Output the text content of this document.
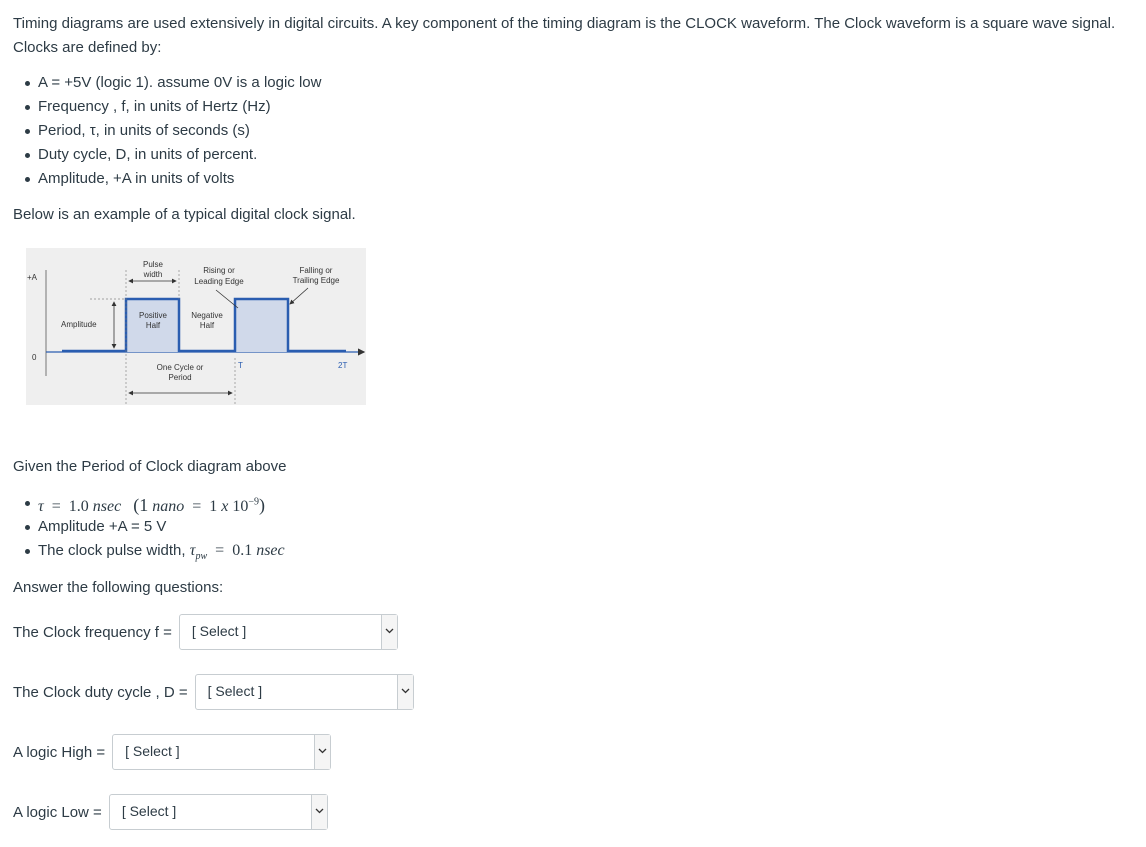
Timing diagrams are used extensively in digital circuits. A key component of the timing diagram is the CLOCK waveform. The Clock waveform is a square wave signal. Clocks are defined by:

A = +5V (logic 1). assume 0V is a logic low
Frequency , f, in units of Hertz (Hz)
Period, τ, in units of seconds (s)
Duty cycle, D, in units of percent.
Amplitude, +A in units of volts

Below is an example of a typical digital clock signal.

+A
0
Amplitude
Pulse
width	Rising or
Leading Edge
Falling or
Trailing Edge
Positive
Half
Negative
Half
One Cycle or
Period
T	2T

Given the Period of Clock diagram above

τ = 1.0 nsec (1 nano = 1 x $10^{-9}$)
Amplitude +A = 5 V
The clock pulse width, $\tau_{pw} = 0.1$ nsec

Answer the following questions:

The Clock frequency f = [ Select ]
The Clock duty cycle , D = [ Select ]
A logic High = [ Select ]
A logic Low = [ Select ]
